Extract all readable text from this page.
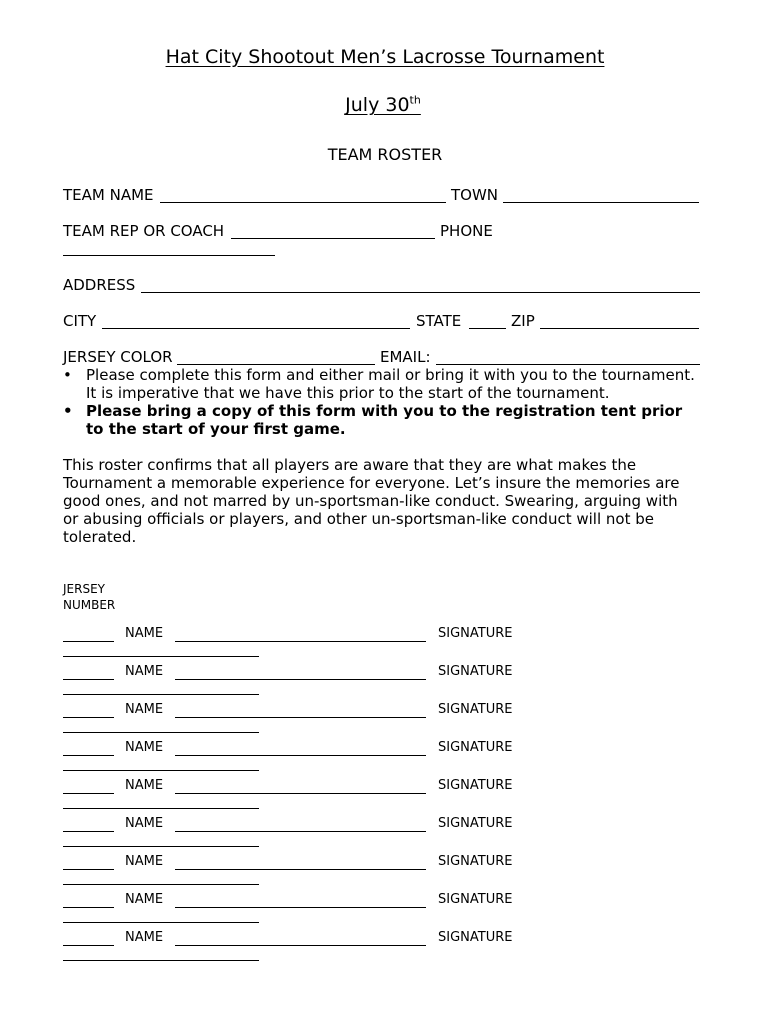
Hat City Shootout Men’s Lacrosse Tournament
July 30th
TEAM ROSTER
TEAM NAME	TOWN
TEAM REP OR COACH	PHONE
ADDRESS
CITY	STATE	ZIP
JERSEY COLOR	EMAIL:
• Please complete this form and either mail or bring it with you to the tournament.
It is imperative that we have this prior to the start of the tournament.
• Please bring a copy of this form with you to the registration tent prior
to the start of your first game.
This roster confirms that all players are aware that they are what makes the
Tournament a memorable experience for everyone. Let’s insure the memories are
good ones, and not marred by un-sportsman-like conduct. Swearing, arguing with
or abusing officials or players, and other un-sportsman-like conduct will not be
tolerated.
JERSEY
NUMBER
NAME	SIGNATURE
NAME	SIGNATURE
NAME	SIGNATURE
NAME	SIGNATURE
NAME	SIGNATURE
NAME	SIGNATURE
NAME	SIGNATURE
NAME	SIGNATURE
NAME	SIGNATURE
